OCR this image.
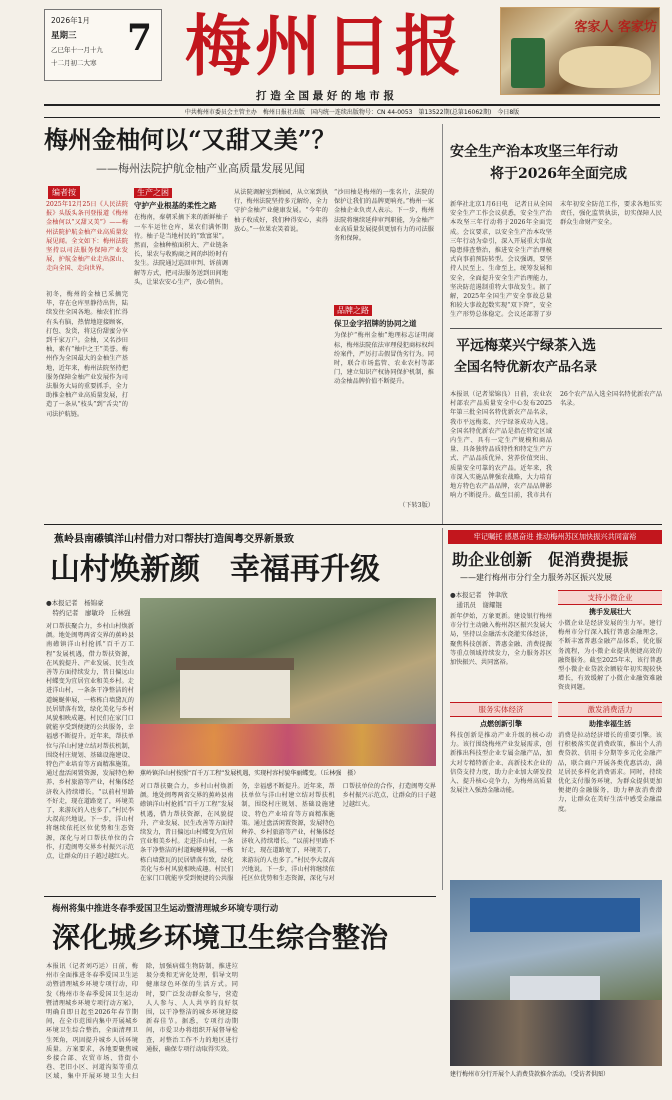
2026年1月
星期三
乙巳年十一月十九
十二月初二大寒
7 梅州日报
打 造 全 国 最 好 的 地 市 报
客家人 客家坊
中共梅州市委员会主管主办　梅州日报社出版　国内统一连续出版物号：CN 44-0053　第13522期(总第16062期)　今日8版
梅州金柚何以“又甜又美”？
——梅州法院护航金柚产业高质量发展见闻
编者按
2025年12月25日《人民法院报》头版头条刊登报道《梅州金柚何以“又甜又美”》——梅州法院护航金柚产业高质量发展见闻。全文如下：梅州法院坚持以司法服务保障产业发展，护航金柚产业走出深山、走向全国、走向世界。
初冬，梅州的金柚已采摘完毕，存在仓库里静待出售，陆续发往全国各地。柚农们忙得有头有脑，热情地迎接顾客，打包、发货，将这份甜蜜分享到千家万户。金柚，又名沙田柚，素有“柚中之王”美誉。梅州作为全国最大的金柚生产基地，近年来，梅州法院坚持把服务保障金柚产业发展作为司法服务大局的重要抓手，全力助推金柚产业高质量发展，打造了一条从“枝头”到“舌尖”的司法护航链。
生产之困
守护产业根基的柔性之路
在梅南，秦朝采摘下来的新鲜柚子一车车运往仓库，果农们满怀期待。柚子是当地村民的“致富果”。然而，金柚种植面积大、产业链条长，果农与收购商之间的纠纷时有发生。法院通过巡回审判、诉前调解等方式，把司法服务送到田间地头，让果农安心生产，放心销售。
从法院调解室到柚园，从立案到执行，梅州法院坚持多元解纷，全力守护金柚产业健康发展。“今年的柚子收成好，我们种得安心，卖得放心。”一位果农笑着说。
“沙田柚是梅州的一张名片，法院的保护让我们的品牌更响亮。”梅州一家金柚企业负责人表示。下一步，梅州法院将继续延伸审判职能，为金柚产业高质量发展提供更加有力的司法服务和保障。
品牌之路
保卫金字招牌的协同之道
为保护“梅州金柚”地理标志证明商标，梅州法院依法审理侵犯商标权纠纷案件，严厉打击假冒伪劣行为。同时，联合市场监管、农业农村等部门，建立知识产权协同保护机制，推动金柚品牌价值不断提升。
（下转3版）
安全生产治本攻坚三年行动
将于2026年全面完成
新华社北京1月6日电　记者日从全国安全生产工作会议获悉，安全生产治本攻坚三年行动将于2026年全面完成。会议要求，以安全生产治本攻坚三年行动为牵引，深入开展重大事故隐患排查整治，推进安全生产治理模式向事前预防转型。会议强调，要坚持人民至上、生命至上，统筹发展和安全，全面提升安全生产治理能力，坚决防范遏制重特大事故发生。据了解，2025年全国生产安全事故总量和较大事故起数实现“双下降”，安全生产形势总体稳定。会议还部署了岁末年初安全防范工作，要求各地压实责任，强化监管执法，切实保障人民群众生命财产安全。
平远梅菜兴宁绿茶入选
全国名特优新农产品名录
本报讯（记者梁锦良）日前，农业农村部农产品质量安全中心发布2025年第三批全国名特优新农产品名录，我市平远梅菜、兴宁绿茶成功入选。全国名特优新农产品是指在特定区域内生产、具有一定生产规模和商品量、具备独特品质特性和特定生产方式、产品品质优异、营养价值突出、质量安全可靠的农产品。近年来，我市深入实施品牌强农战略，大力培育地方特色农产品品牌，农产品品牌影响力不断提升。截至目前，我市共有26个农产品入选全国名特优新农产品名录。
蕉岭县南礤镇洋山村借力对口帮扶打造闽粤交界新景致
山村焕新颜　幸福再升级
●本报记者　杨锦豪
　特约记者　廖敏玲　丘林强
对口帮扶聚合力，乡村山村焕新颜。地处闽粤两省交界的蕉岭县南礤镇洋山村抢抓“百千万工程”发展机遇，借力帮扶资源，在风貌提升、产业发展、民生改善等方面持续发力，昔日偏远山村蝶变为宜居宜业和美乡村。走进洋山村，一条条干净整洁的村道蜿蜒伸展，一栋栋白墙黛瓦的民居错落有致，绿化美化与乡村风貌相映成趣。村民们在家门口就能享受到便捷的公共服务，幸福感不断提升。近年来，帮扶单位与洋山村建立结对帮扶机制，围绕村庄规划、基础设施建设、特色产业培育等方面精准施策。通过盘活闲置资源，发展特色种养、乡村旅游等产业，村集体经济收入持续增长。“以前村里路不好走，现在道路宽了，环境美了，来游玩的人也多了。”村民李大叔高兴地说。下一步，洋山村将继续依托区位优势和生态资源，深化与对口帮扶单位的合作，打造闽粤交界乡村振兴示范点，让群众的日子越过越红火。
蕉岭镇洋山村按照“百千万工程”发展机遇，实现村容村貌华丽蝶变。（丘林强　摄）
对口帮扶聚合力，乡村山村焕新颜。地处闽粤两省交界的蕉岭县南礤镇洋山村抢抓“百千万工程”发展机遇，借力帮扶资源，在风貌提升、产业发展、民生改善等方面持续发力，昔日偏远山村蝶变为宜居宜业和美乡村。走进洋山村，一条条干净整洁的村道蜿蜒伸展，一栋栋白墙黛瓦的民居错落有致，绿化美化与乡村风貌相映成趣。村民们在家门口就能享受到便捷的公共服务，幸福感不断提升。近年来，帮扶单位与洋山村建立结对帮扶机制，围绕村庄规划、基础设施建设、特色产业培育等方面精准施策。通过盘活闲置资源，发展特色种养、乡村旅游等产业，村集体经济收入持续增长。“以前村里路不好走，现在道路宽了，环境美了，来游玩的人也多了。”村民李大叔高兴地说。下一步，洋山村将继续依托区位优势和生态资源，深化与对口帮扶单位的合作，打造闽粤交界乡村振兴示范点，让群众的日子越过越红火。
牢记嘱托 感恩奋进 推动梅州苏区加快振兴共同富裕
助企业创新　促消费提振
——建行梅州市分行全力服务苏区振兴发展
●本报记者　钟聿欣
　通讯员　谢耀锟
新年伊始，万象更新。建设银行梅州市分行主动融入梅州苏区振兴发展大局，坚持以金融活水浇灌实体经济，聚焦科技创新、普惠金融、消费提振等重点领域持续发力，全力服务苏区加快振兴、共同富裕。
支持小微企业
携手发展壮大
小微企业是经济发展的生力军。建行梅州市分行深入践行普惠金融理念，不断丰富普惠金融产品体系，优化服务流程，为小微企业提供便捷高效的融资服务。截至2025年末，该行普惠型小微企业贷款余额较年初实现较快增长，有效缓解了小微企业融资难融资贵问题。
服务实体经济
点燃创新引擎
科技创新是推动产业升级的核心动力。该行围绕梅州产业发展需求，创新推出科技型企业专属金融产品，加大对专精特新企业、高新技术企业的信贷支持力度，助力企业加大研发投入、提升核心竞争力，为梅州高质量发展注入强劲金融动能。
激发消费活力
助推幸福生活
消费是拉动经济增长的重要引擎。该行积极落实促消费政策，推出个人消费贷款、信用卡分期等多元化金融产品，联合商户开展各类优惠活动，满足居民多样化消费需求。同时，持续优化支付服务环境，为群众提供更加便捷的金融服务，助力释放消费潜力，让群众在美好生活中感受金融温度。
梅州将集中推进冬春季爱国卫生运动暨清理城乡环境专项行动
深化城乡环境卫生综合整治
本报讯（记者刘巧运）日前，梅州市全面推进冬春季爱国卫生运动暨清理城乡环境专项行动，印发《梅州市冬春季爱国卫生运动暨清理城乡环境专项行动方案》，明确自即日起至2026年春节期间，在全市范围内集中开展城乡环境卫生综合整治，全面清理卫生死角，巩固提升城乡人居环境质量。方案要求，各地要聚焦城乡接合部、农贸市场、背街小巷、老旧小区、河道沟渠等重点区域，集中开展环境卫生大扫除，加强病媒生物防制，推进垃圾分类和无害化处理，倡导文明健康绿色环保的生活方式。同时，要广泛发动群众参与，营造人人参与、人人共享的良好氛围，以干净整洁的城乡环境迎接新春佳节。据悉，专项行动期间，市爱卫办将组织开展督导检查，对整治工作不力的地区进行通报，确保专项行动取得实效。
建行梅州市分行开展个人消费贷款推介活动。（受访者供图）
